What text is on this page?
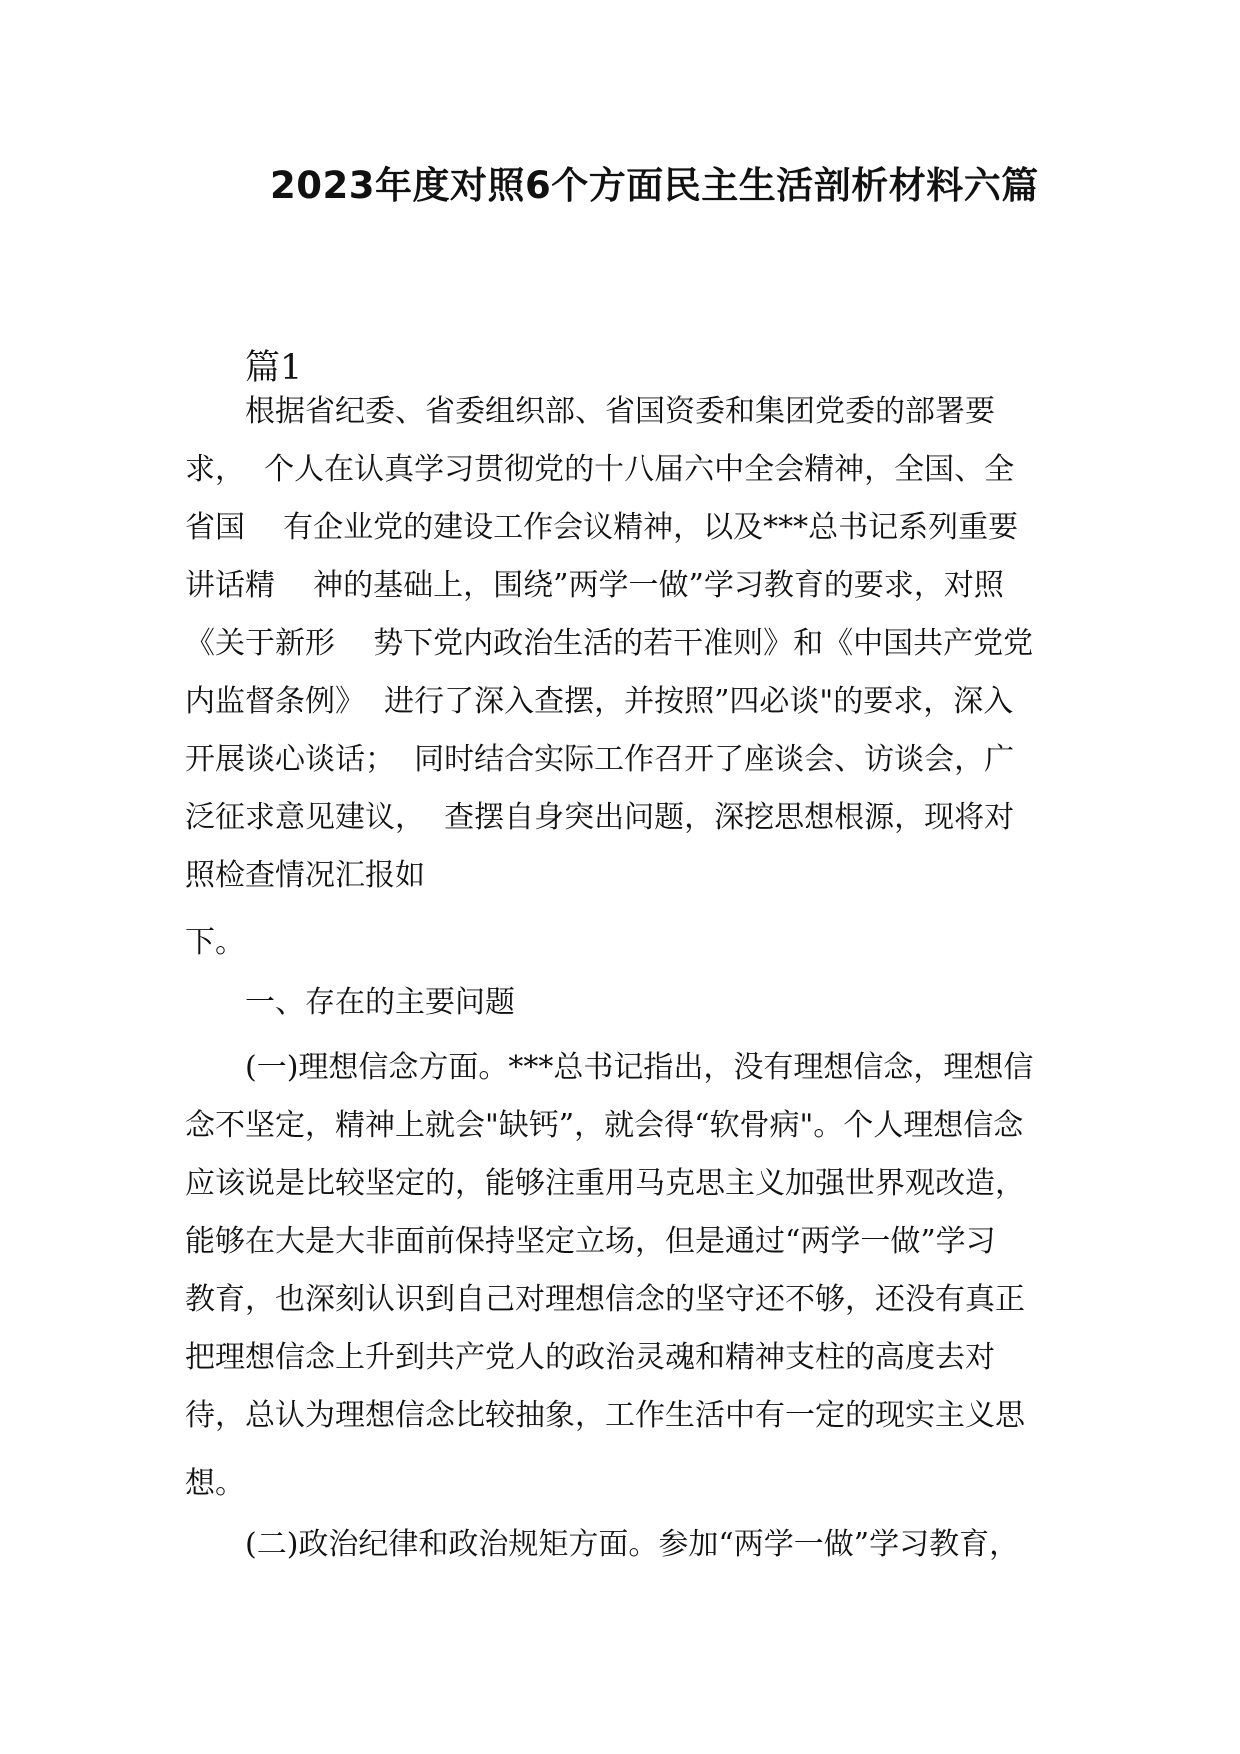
2023年度对照6个方面民主生活剖析材料六篇
篇1
根据省纪委、省委组织部、省国资委和集团党委的部署要
求，  个人在认真学习贯彻党的十八届六中全会精神，全国、全
省国    有企业党的建设工作会议精神，以及***总书记系列重要
讲话精    神的基础上，围绕”两学一做”学习教育的要求，对照
《关于新形    势下党内政治生活的若干准则》和《中国共产党党
内监督条例》  进行了深入查摆，并按照”四必谈"的要求，深入
开展谈心谈话；  同时结合实际工作召开了座谈会、访谈会，广
泛征求意见建议，  查摆自身突出问题，深挖思想根源，现将对
照检查情况汇报如
下。
一、存在的主要问题
(一)理想信念方面。***总书记指出，没有理想信念，理想信
念不坚定，精神上就会"缺钙”，就会得“软骨病"。个人理想信念
应该说是比较坚定的，能够注重用马克思主义加强世界观改造，
能够在大是大非面前保持坚定立场，但是通过“两学一做”学习
教育，也深刻认识到自己对理想信念的坚守还不够，还没有真正
把理想信念上升到共产党人的政治灵魂和精神支柱的高度去对
待，总认为理想信念比较抽象，工作生活中有一定的现实主义思
想。
(二)政治纪律和政治规矩方面。参加“两学一做”学习教育，
